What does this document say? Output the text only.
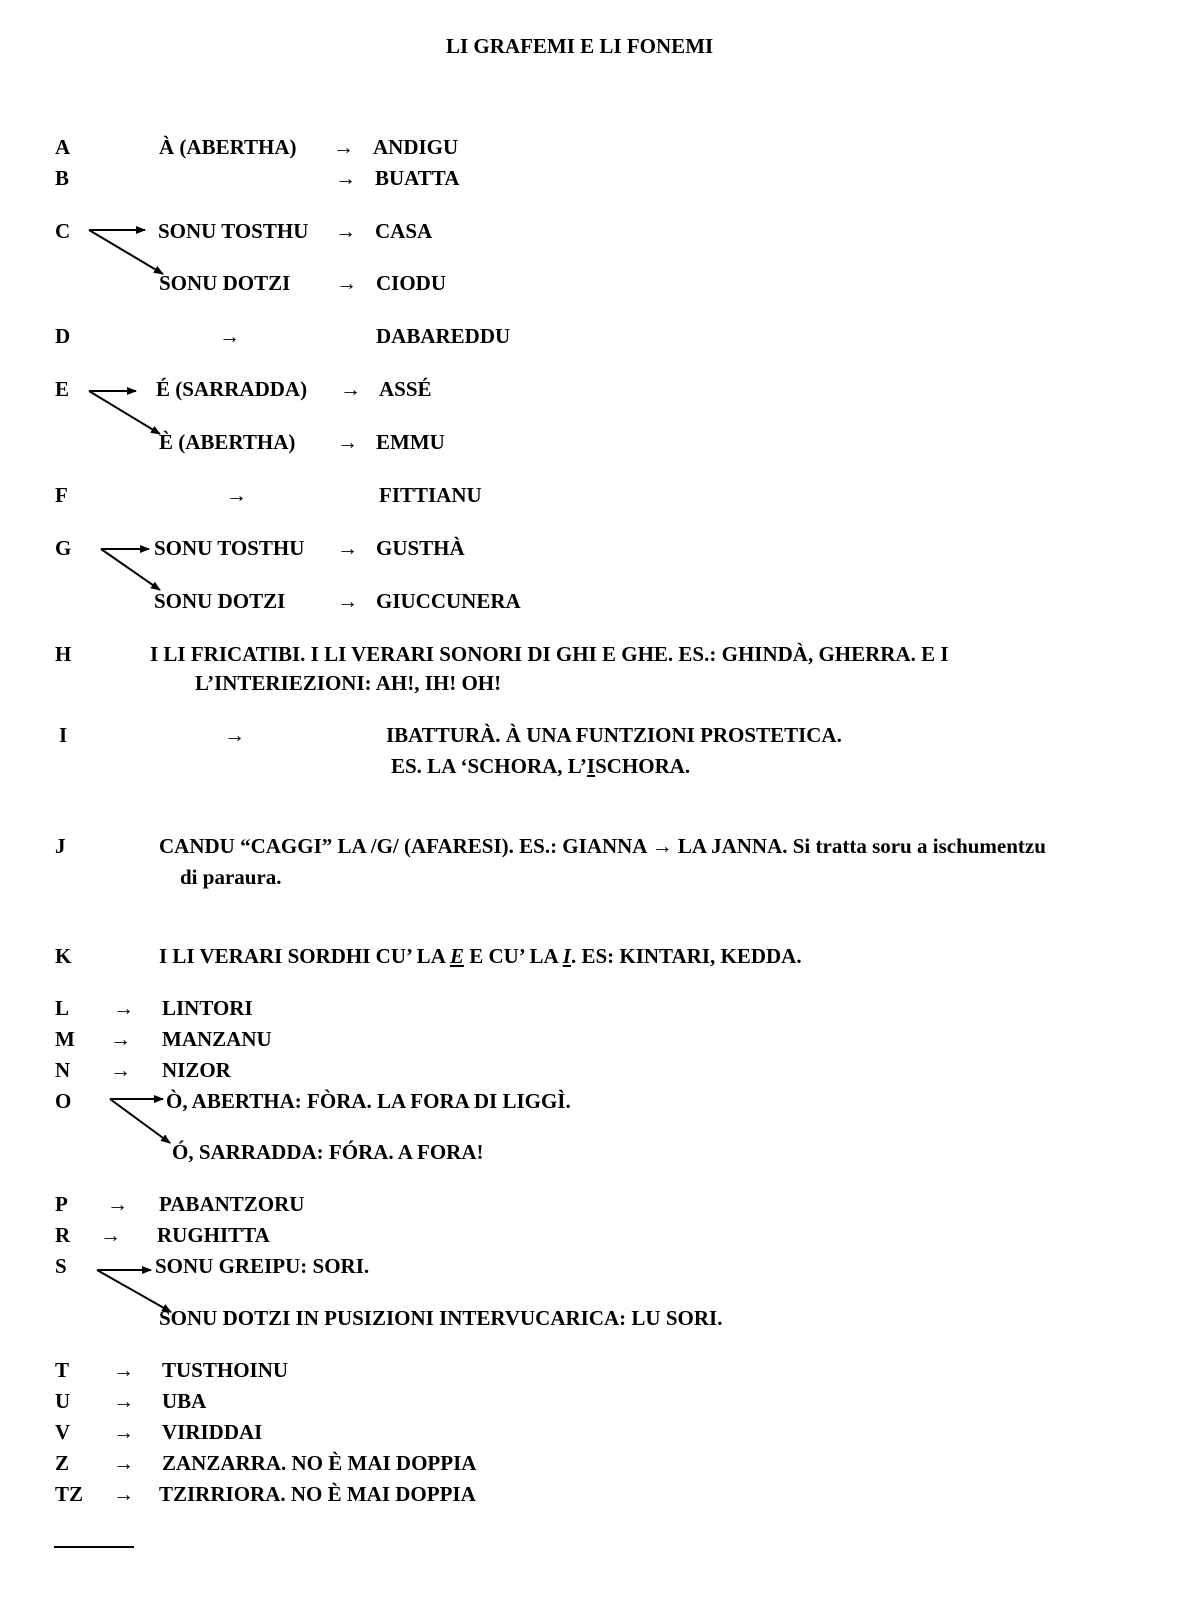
LI GRAFEMI E LI FONEMI
A	À (ABERTHA) → ANDIGU
B	→ BUATTA
C	SONU TOSTHU → CASA
SONU DOTZI → CIODU
D	→	DABAREDDU
E	É (SARRADDA) → ASSÉ
È (ABERTHA) → EMMU
F	→	FITTIANU
G	SONU TOSTHU → GUSTHÀ
SONU DOTZI → GIUCCUNERA
H	I LI FRICATIBI. I LI VERARI SONORI DI GHI E GHE. ES.: GHINDÀ, GHERRA. E I
L’INTERIEZIONI: AH!, IH! OH!
I	→	IBATTURÀ. À UNA FUNTZIONI PROSTETICA.
ES. LA ‘SCHORA, L’ISCHORA.
J	CANDU “CAGGI” LA /G/ (AFARESI). ES.: GIANNA → LA JANNA. Si tratta soru a ischumentzu
di paraura.
K	I LI VERARI SORDHI CU’ LA E E CU’ LA I. ES: KINTARI, KEDDA.
L → LINTORI
M → MANZANU
N → NIZOR
O	Ò, ABERTHA: FÒRA. LA FORA DI LIGGÌ.
Ó, SARRADDA: FÓRA. A FORA!
P → PABANTZORU
R → RUGHITTA
S	SONU GREIPU: SORI.
SONU DOTZI IN PUSIZIONI INTERVUCARICA: LU SORI.
T → TUSTHOINU
U → UBA
V → VIRIDDAI
Z → ZANZARRA. NO È MAI DOPPIA
TZ → TZIRRIORA. NO È MAI DOPPIA
